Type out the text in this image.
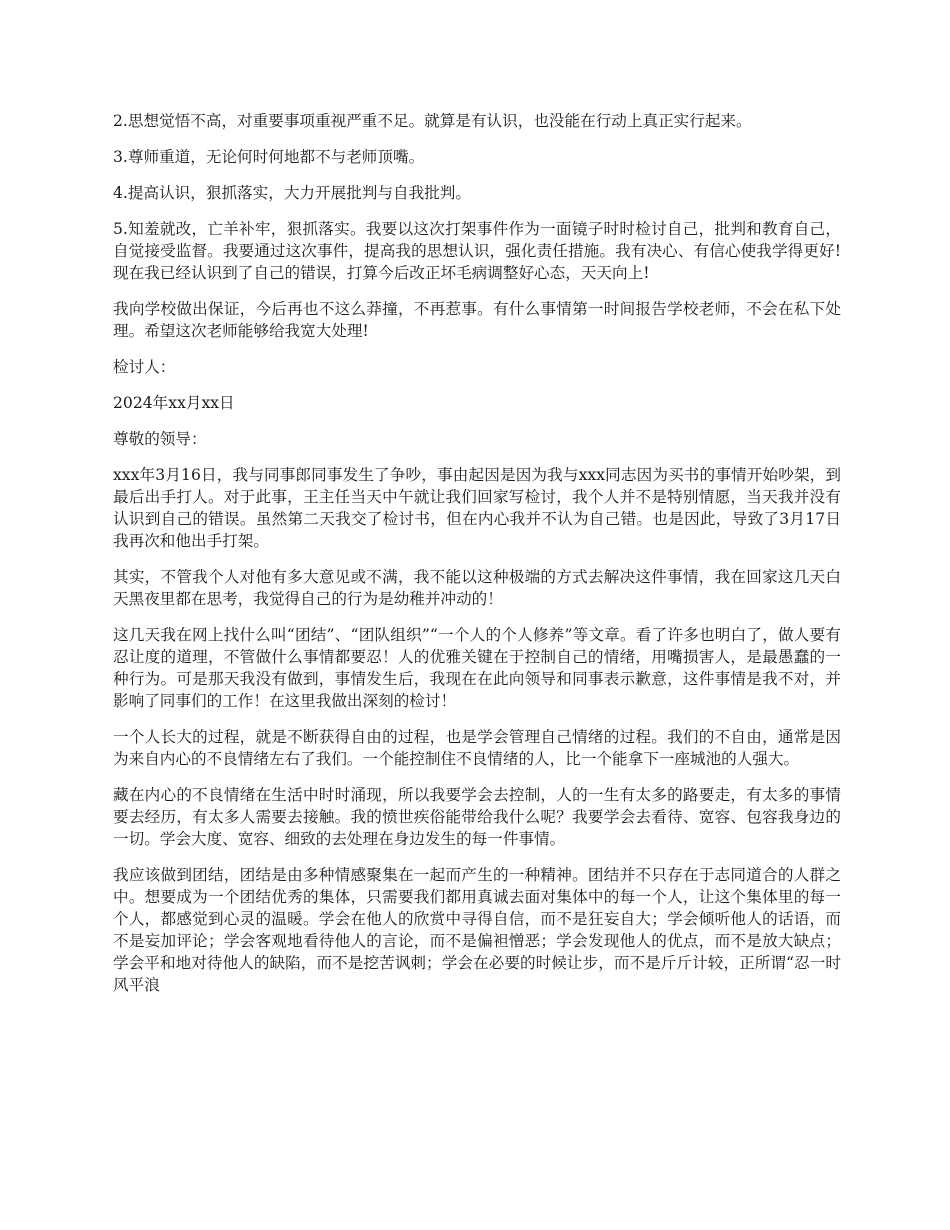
2.思想觉悟不高，对重要事项重视严重不足。就算是有认识，也没能在行动上真正实行起来。

3.尊师重道，无论何时何地都不与老师顶嘴。

4.提高认识，狠抓落实，大力开展批判与自我批判。

5.知羞就改，亡羊补牢，狠抓落实。我要以这次打架事件作为一面镜子时时检讨自己，批判和教育自己，自觉接受监督。我要通过这次事件，提高我的思想认识，强化责任措施。我有决心、有信心使我学得更好!现在我已经认识到了自己的错误，打算今后改正坏毛病调整好心态，天天向上!

我向学校做出保证，今后再也不这么莽撞，不再惹事。有什么事情第一时间报告学校老师，不会在私下处理。希望这次老师能够给我宽大处理!

检讨人：

2024年xx月xx日

尊敬的领导：

xxx年3月16日，我与同事郎同事发生了争吵，事由起因是因为我与xxx同志因为买书的事情开始吵架，到最后出手打人。对于此事，王主任当天中午就让我们回家写检讨，我个人并不是特别情愿，当天我并没有认识到自己的错误。虽然第二天我交了检讨书，但在内心我并不认为自己错。也是因此，导致了3月17日我再次和他出手打架。

其实，不管我个人对他有多大意见或不满，我不能以这种极端的方式去解决这件事情，我在回家这几天白天黑夜里都在思考，我觉得自己的行为是幼稚并冲动的！

这几天我在网上找什么叫“团结”、“团队组织”“一个人的个人修养”等文章。看了许多也明白了，做人要有忍让度的道理，不管做什么事情都要忍！人的优雅关键在于控制自己的情绪，用嘴损害人，是最愚蠢的一种行为。可是那天我没有做到，事情发生后，我现在在此向领导和同事表示歉意，这件事情是我不对，并影响了同事们的工作！在这里我做出深刻的检讨！

一个人长大的过程，就是不断获得自由的过程，也是学会管理自己情绪的过程。我们的不自由，通常是因为来自内心的不良情绪左右了我们。一个能控制住不良情绪的人，比一个能拿下一座城池的人强大。

藏在内心的不良情绪在生活中时时涌现，所以我要学会去控制，人的一生有太多的路要走，有太多的事情要去经历，有太多人需要去接触。我的愤世疾俗能带给我什么呢？我要学会去看待、宽容、包容我身边的一切。学会大度、宽容、细致的去处理在身边发生的每一件事情。

我应该做到团结，团结是由多种情感聚集在一起而产生的一种精神。团结并不只存在于志同道合的人群之中。想要成为一个团结优秀的集体，只需要我们都用真诚去面对集体中的每一个人，让这个集体里的每一个人，都感觉到心灵的温暖。学会在他人的欣赏中寻得自信，而不是狂妄自大；学会倾听他人的话语，而不是妄加评论；学会客观地看待他人的言论，而不是偏袒憎恶；学会发现他人的优点，而不是放大缺点；学会平和地对待他人的缺陷，而不是挖苦讽刺；学会在必要的时候让步，而不是斤斤计较，正所谓“忍一时风平浪
